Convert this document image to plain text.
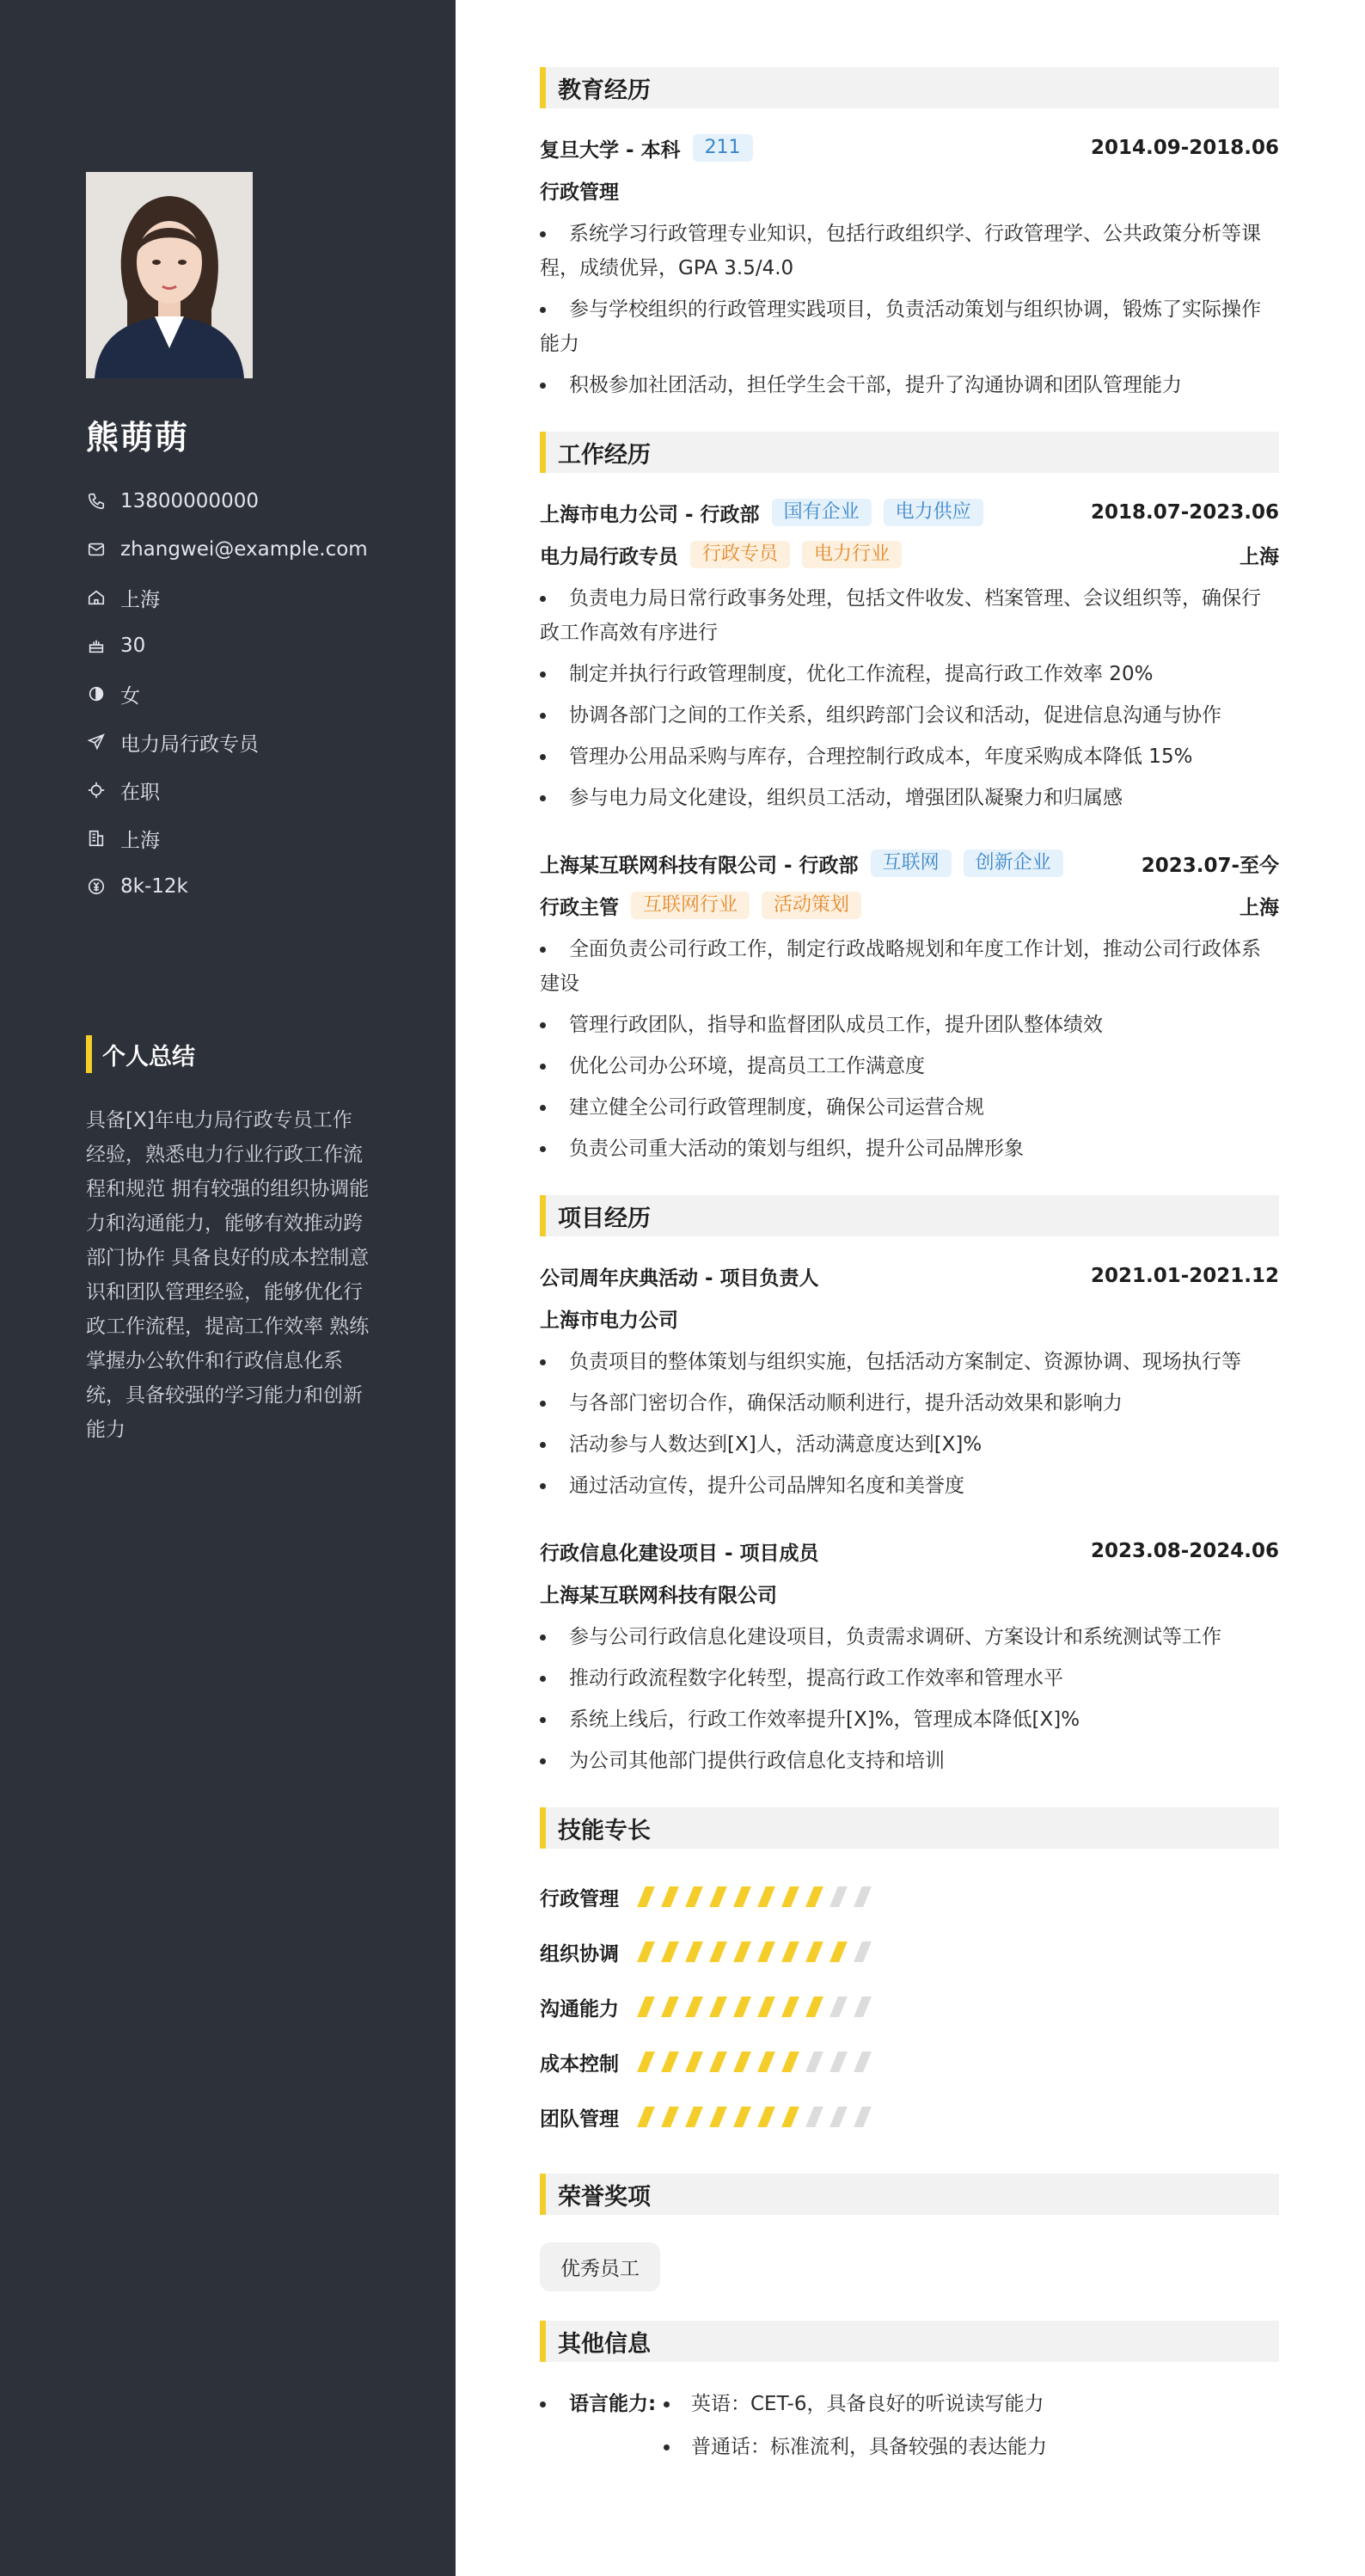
熊萌萌
13800000000
zhangwei@example.com
上海
30
女
电力局行政专员
在职
上海
8k-12k
个人总结
具备[X]年电力局行政专员工作经验，熟悉电力行业行政工作流程和规范 拥有较强的组织协调能力和沟通能力，能够有效推动跨部门协作 具备良好的成本控制意识和团队管理经验，能够优化行政工作流程，提高工作效率 熟练掌握办公软件和行政信息化系统，具备较强的学习能力和创新能力
教育经历
复旦大学 - 本科	211	2014.09-2018.06
行政管理
系统学习行政管理专业知识，包括行政组织学、行政管理学、公共政策分析等课程，成绩优异，GPA 3.5/4.0
参与学校组织的行政管理实践项目，负责活动策划与组织协调，锻炼了实际操作能力
积极参加社团活动，担任学生会干部，提升了沟通协调和团队管理能力
工作经历
上海市电力公司 - 行政部	国有企业	电力供应	2018.07-2023.06
电力局行政专员	行政专员	电力行业	上海
负责电力局日常行政事务处理，包括文件收发、档案管理、会议组织等，确保行政工作高效有序进行
制定并执行行政管理制度，优化工作流程，提高行政工作效率 20%
协调各部门之间的工作关系，组织跨部门会议和活动，促进信息沟通与协作
管理办公用品采购与库存，合理控制行政成本，年度采购成本降低 15%
参与电力局文化建设，组织员工活动，增强团队凝聚力和归属感
上海某互联网科技有限公司 - 行政部	互联网	创新企业	2023.07-至今
行政主管	互联网行业	活动策划	上海
全面负责公司行政工作，制定行政战略规划和年度工作计划，推动公司行政体系建设
管理行政团队，指导和监督团队成员工作，提升团队整体绩效
优化公司办公环境，提高员工工作满意度
建立健全公司行政管理制度，确保公司运营合规
负责公司重大活动的策划与组织，提升公司品牌形象
项目经历
公司周年庆典活动 - 项目负责人	2021.01-2021.12
上海市电力公司
负责项目的整体策划与组织实施，包括活动方案制定、资源协调、现场执行等
与各部门密切合作，确保活动顺利进行，提升活动效果和影响力
活动参与人数达到[X]人，活动满意度达到[X]%
通过活动宣传，提升公司品牌知名度和美誉度
行政信息化建设项目 - 项目成员	2023.08-2024.06
上海某互联网科技有限公司
参与公司行政信息化建设项目，负责需求调研、方案设计和系统测试等工作
推动行政流程数字化转型，提高行政工作效率和管理水平
系统上线后，行政工作效率提升[X]%，管理成本降低[X]%
为公司其他部门提供行政信息化支持和培训
技能专长
行政管理
组织协调
沟通能力
成本控制
团队管理
荣誉奖项
优秀员工
其他信息
语言能力:	英语：CET-6，具备良好的听说读写能力
普通话：标准流利，具备较强的表达能力
